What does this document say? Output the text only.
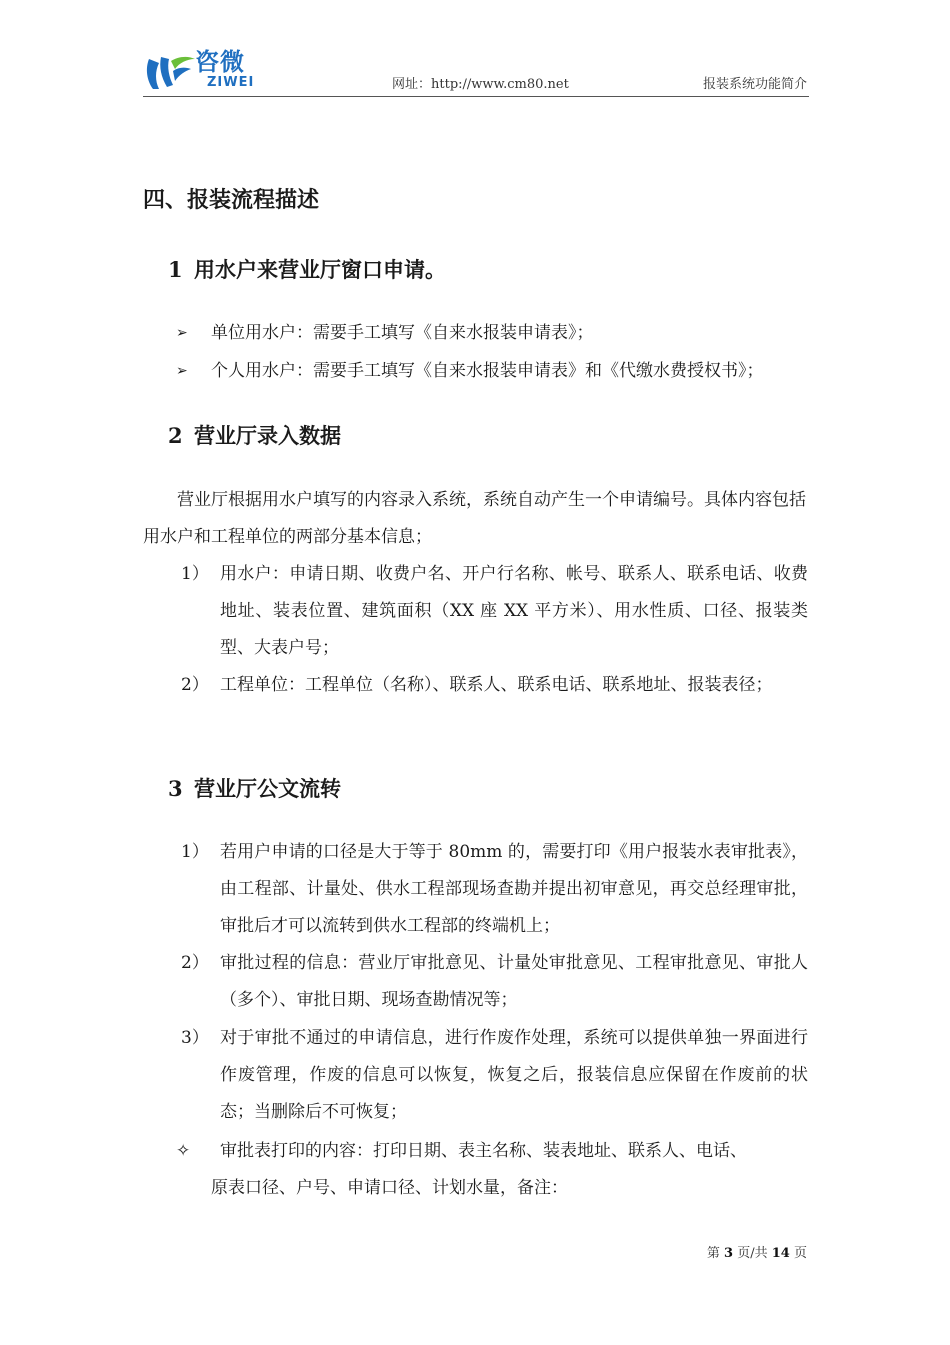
咨微
ZIWEI	网址：http://www.cm80.net	报装系统功能简介
四、报装流程描述
1 用水户来营业厅窗口申请。
➢ 单位用水户：需要手工填写《自来水报装申请表》；
➢ 个人用水户：需要手工填写《自来水报装申请表》和《代缴水费授权书》；
2 营业厅录入数据
营业厅根据用水户填写的内容录入系统，系统自动产生一个申请编号。具体内容包括用水户和工程单位的两部分基本信息；
1） 用水户：申请日期、收费户名、开户行名称、帐号、联系人、联系电话、收费地址、装表位置、建筑面积（XX 座 XX 平方米）、用水性质、口径、报装类型、大表户号；
2） 工程单位：工程单位（名称）、联系人、联系电话、联系地址、报装表径；
3 营业厅公文流转
1） 若用户申请的口径是大于等于 80mm 的，需要打印《用户报装水表审批表》，由工程部、计量处、供水工程部现场查勘并提出初审意见，再交总经理审批，审批后才可以流转到供水工程部的终端机上；
2） 审批过程的信息：营业厅审批意见、计量处审批意见、工程审批意见、审批人（多个）、审批日期、现场查勘情况等；
3） 对于审批不通过的申请信息，进行作废作处理，系统可以提供单独一界面进行作废管理，作废的信息可以恢复，恢复之后，报装信息应保留在作废前的状态；当删除后不可恢复；
✧ 审批表打印的内容：打印日期、表主名称、装表地址、联系人、电话、
原表口径、户号、申请口径、计划水量，备注：
第 3 页/共 14 页
